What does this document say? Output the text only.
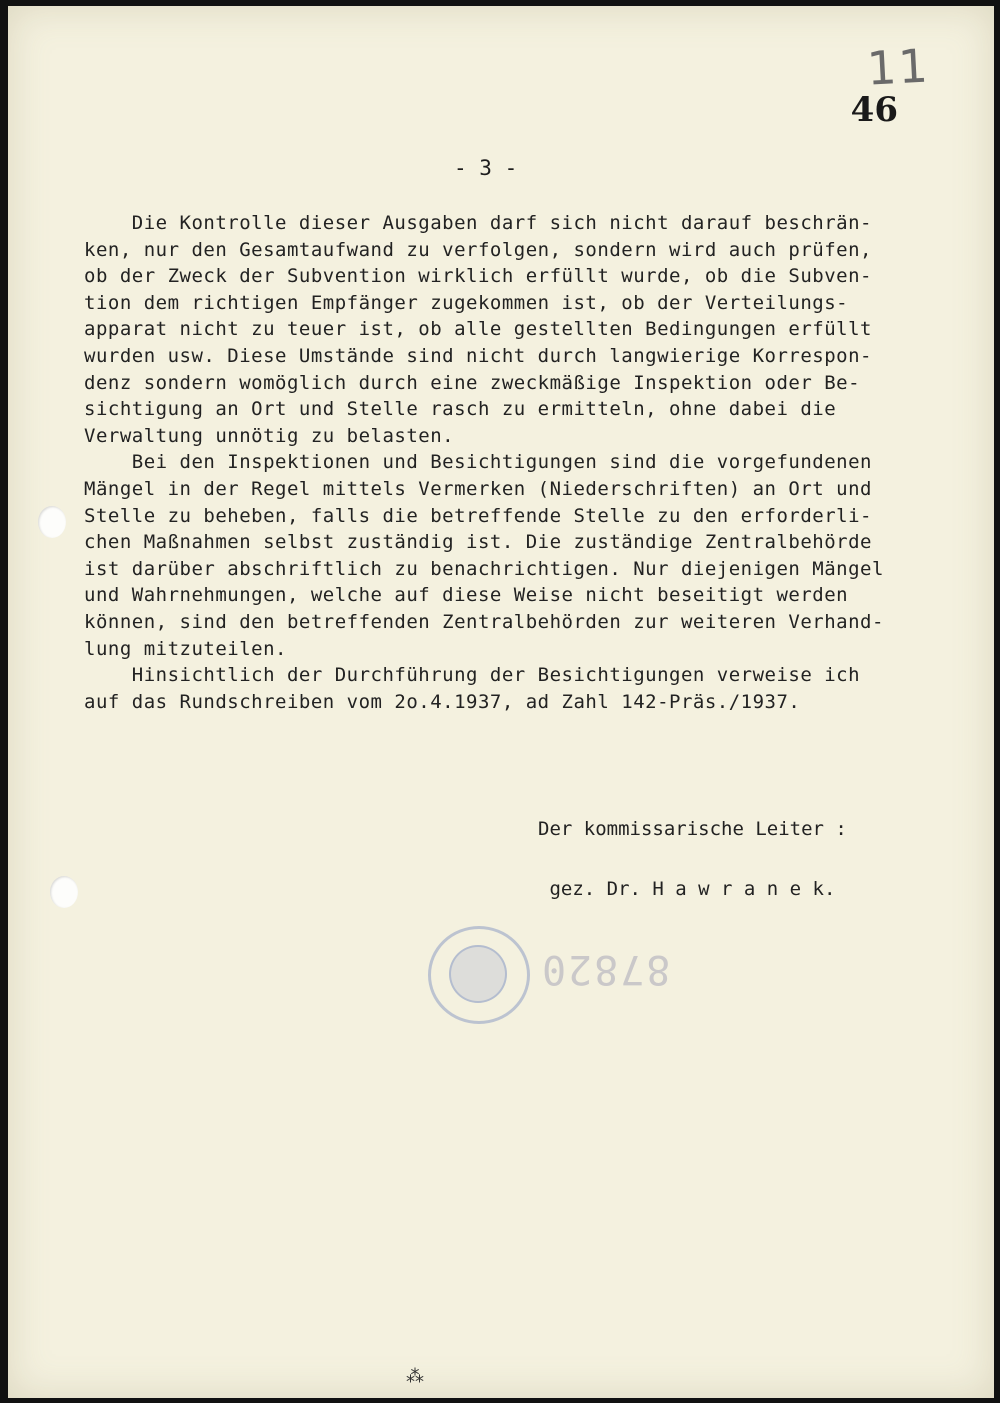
11
46
- 3 -
Die Kontrolle dieser Ausgaben darf sich nicht darauf beschrän-
ken, nur den Gesamtaufwand zu verfolgen, sondern wird auch prüfen,
ob der Zweck der Subvention wirklich erfüllt wurde, ob die Subven-
tion dem richtigen Empfänger zugekommen ist, ob der Verteilungs-
apparat nicht zu teuer ist, ob alle gestellten Bedingungen erfüllt
wurden usw. Diese Umstände sind nicht durch langwierige Korrespon-
denz sondern womöglich durch eine zweckmäßige Inspektion oder Be-
sichtigung an Ort und Stelle rasch zu ermitteln, ohne dabei die
Verwaltung unnötig zu belasten.
Bei den Inspektionen und Besichtigungen sind die vorgefundenen
Mängel in der Regel mittels Vermerken (Niederschriften) an Ort und
Stelle zu beheben, falls die betreffende Stelle zu den erforderli-
chen Maßnahmen selbst zuständig ist. Die zuständige Zentralbehörde
ist darüber abschriftlich zu benachrichtigen. Nur diejenigen Mängel
und Wahrnehmungen, welche auf diese Weise nicht beseitigt werden
können, sind den betreffenden Zentralbehörden zur weiteren Verhand-
lung mitzuteilen.
Hinsichtlich der Durchführung der Besichtigungen verweise ich
auf das Rundschreiben vom 2o.4.1937, ad Zahl 142-Präs./1937.
Der kommissarische Leiter :

gez. Dr. H a w r a n e k.
87820
⁂
